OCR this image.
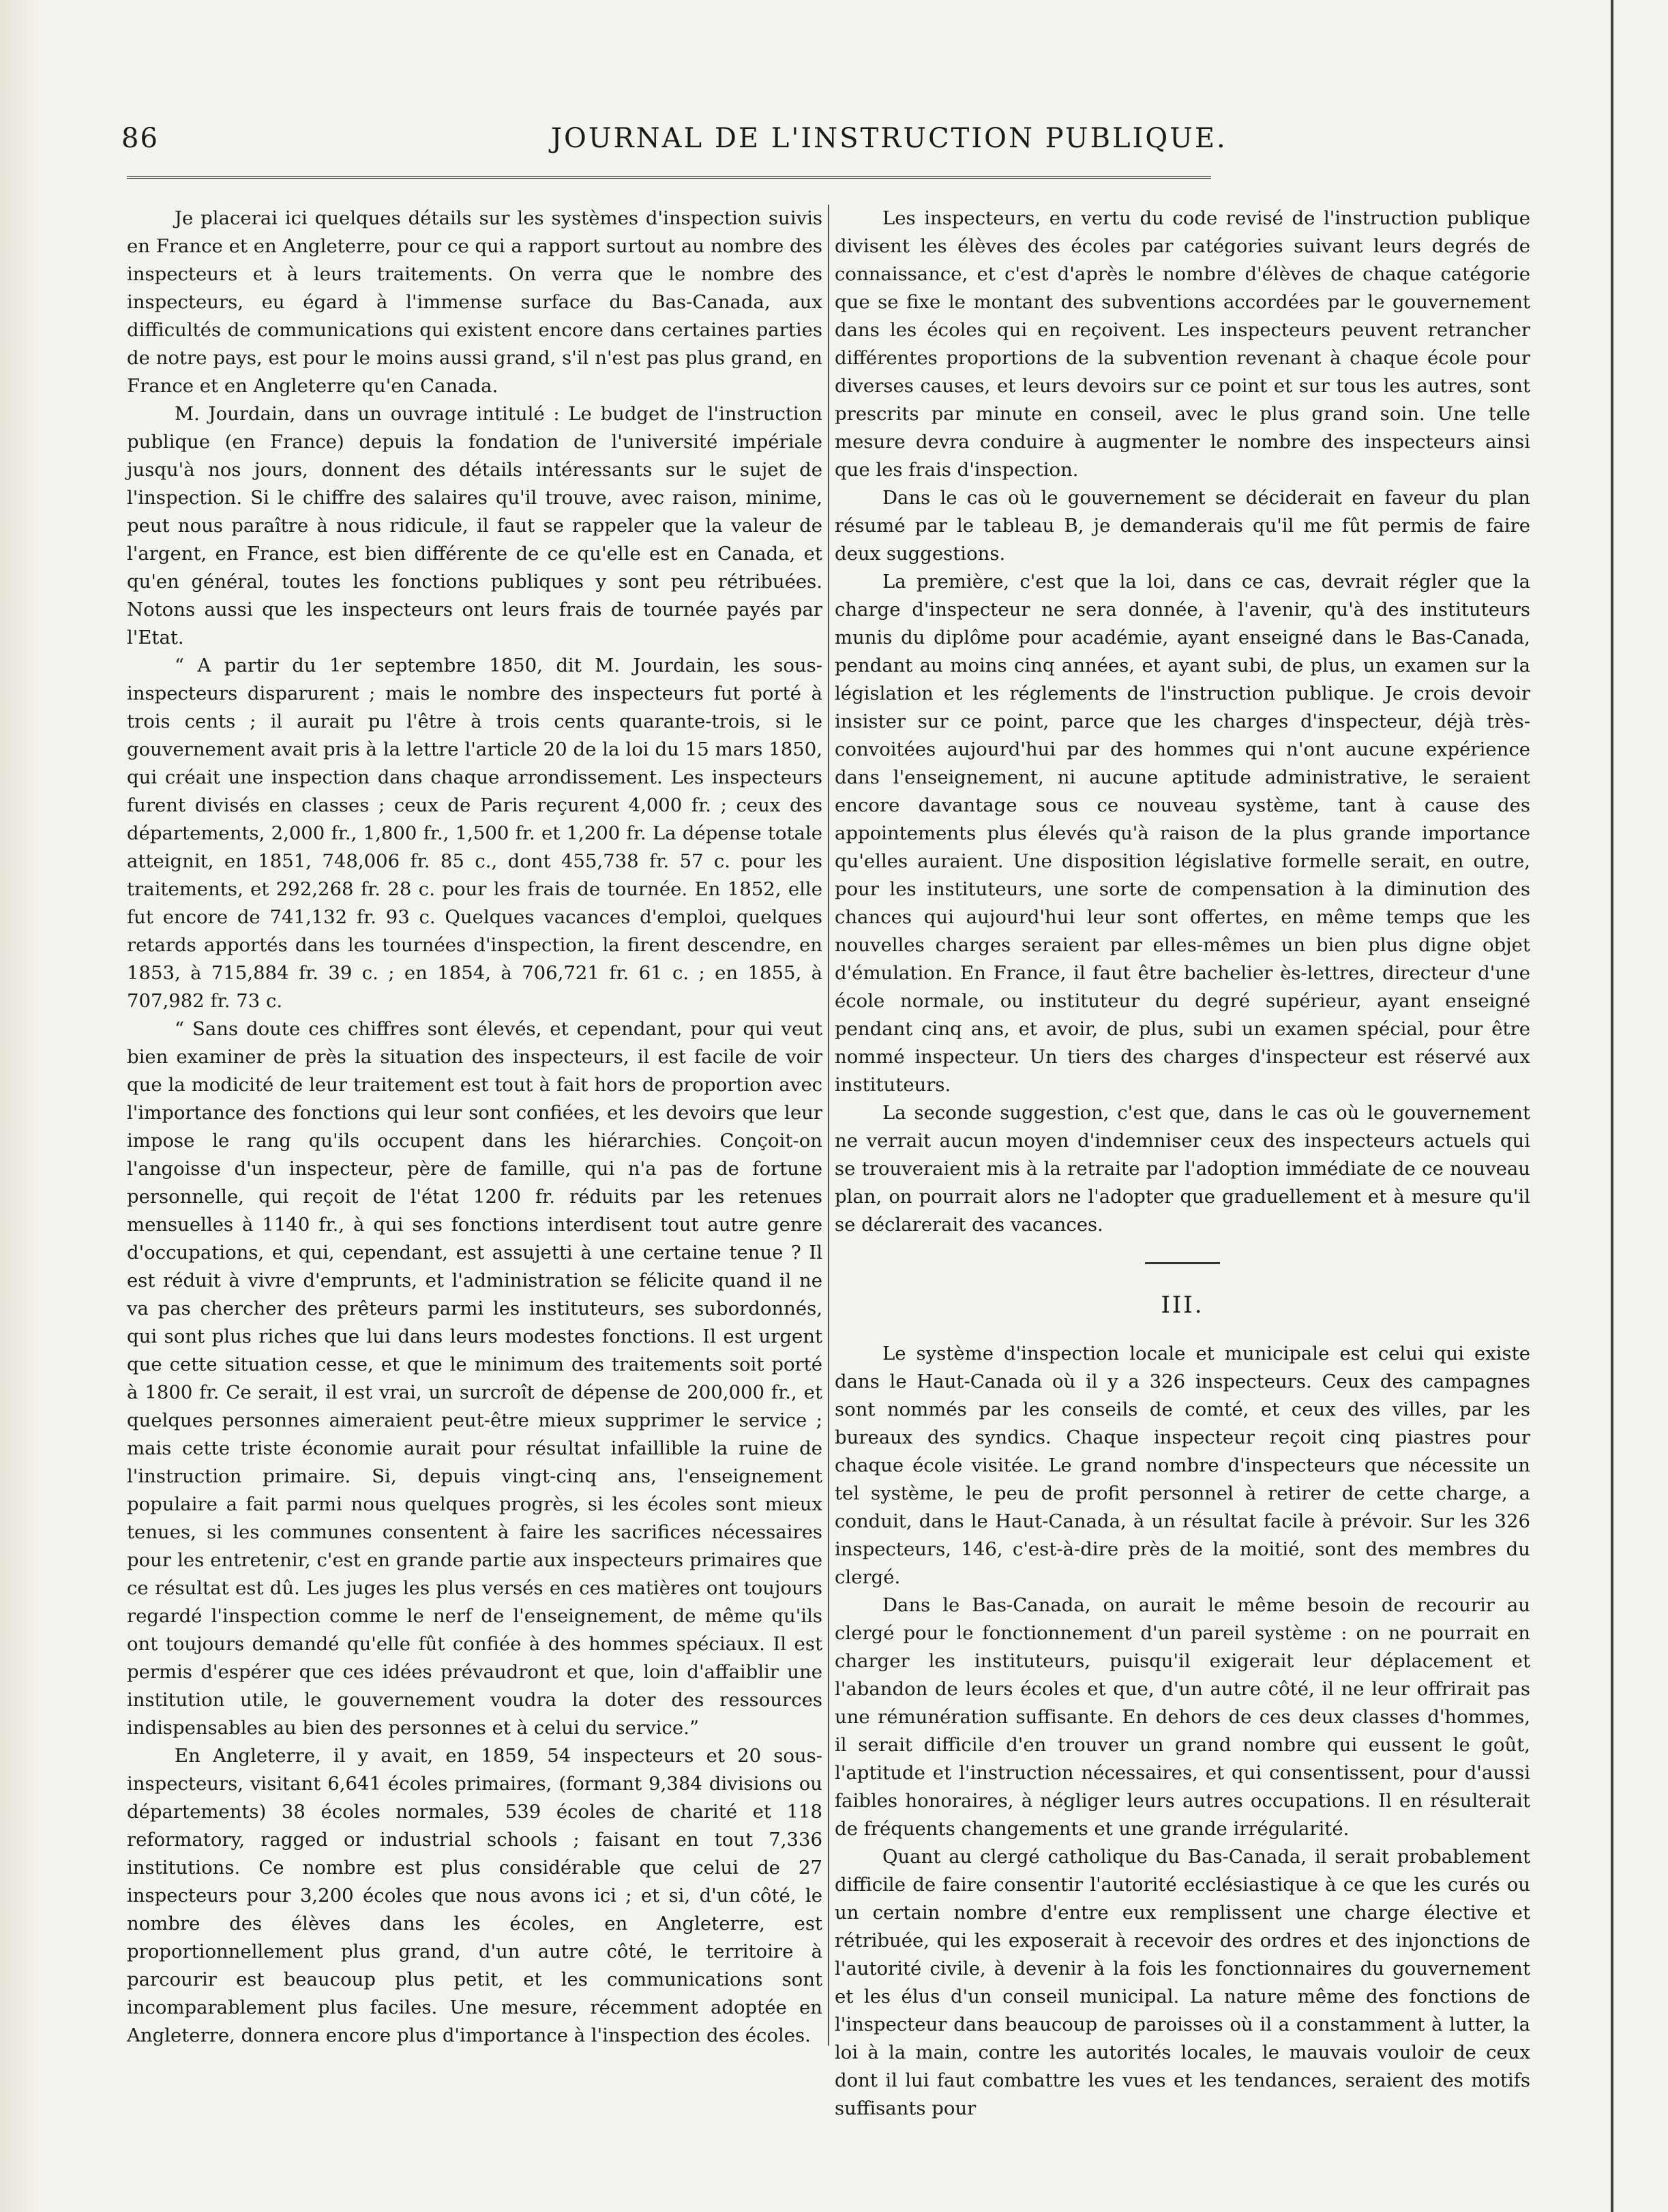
86	JOURNAL DE L'INSTRUCTION PUBLIQUE.

Je placerai ici quelques détails sur les systèmes d'inspection suivis en France et en Angleterre, pour ce qui a rapport surtout au nombre des inspecteurs et à leurs traitements. On verra que le nombre des inspecteurs, eu égard à l'immense surface du Bas-Canada, aux difficultés de communications qui existent encore dans certaines parties de notre pays, est pour le moins aussi grand, s'il n'est pas plus grand, en France et en Angleterre qu'en Canada.

M. Jourdain, dans un ouvrage intitulé : Le budget de l'instruction publique (en France) depuis la fondation de l'université impériale jusqu'à nos jours, donnent des détails intéressants sur le sujet de l'inspection. Si le chiffre des salaires qu'il trouve, avec raison, minime, peut nous paraître à nous ridicule, il faut se rappeler que la valeur de l'argent, en France, est bien différente de ce qu'elle est en Canada, et qu'en général, toutes les fonctions publiques y sont peu rétribuées. Notons aussi que les inspecteurs ont leurs frais de tournée payés par l'Etat.

“ A partir du 1er septembre 1850, dit M. Jourdain, les sous-inspecteurs disparurent ; mais le nombre des inspecteurs fut porté à trois cents ; il aurait pu l'être à trois cents quarante-trois, si le gouvernement avait pris à la lettre l'article 20 de la loi du 15 mars 1850, qui créait une inspection dans chaque arrondissement. Les inspecteurs furent divisés en classes ; ceux de Paris reçurent 4,000 fr. ; ceux des départements, 2,000 fr., 1,800 fr., 1,500 fr. et 1,200 fr. La dépense totale atteignit, en 1851, 748,006 fr. 85 c., dont 455,738 fr. 57 c. pour les traitements, et 292,268 fr. 28 c. pour les frais de tournée. En 1852, elle fut encore de 741,132 fr. 93 c. Quelques vacances d'emploi, quelques retards apportés dans les tournées d'inspection, la firent descendre, en 1853, à 715,884 fr. 39 c. ; en 1854, à 706,721 fr. 61 c. ; en 1855, à 707,982 fr. 73 c.

“ Sans doute ces chiffres sont élevés, et cependant, pour qui veut bien examiner de près la situation des inspecteurs, il est facile de voir que la modicité de leur traitement est tout à fait hors de proportion avec l'importance des fonctions qui leur sont confiées, et les devoirs que leur impose le rang qu'ils occupent dans les hiérarchies. Conçoit-on l'angoisse d'un inspecteur, père de famille, qui n'a pas de fortune personnelle, qui reçoit de l'état 1200 fr. réduits par les retenues mensuelles à 1140 fr., à qui ses fonctions interdisent tout autre genre d'occupations, et qui, cependant, est assujetti à une certaine tenue ? Il est réduit à vivre d'emprunts, et l'administration se félicite quand il ne va pas chercher des prêteurs parmi les instituteurs, ses subordonnés, qui sont plus riches que lui dans leurs modestes fonctions. Il est urgent que cette situation cesse, et que le minimum des traitements soit porté à 1800 fr. Ce serait, il est vrai, un surcroît de dépense de 200,000 fr., et quelques personnes aimeraient peut-être mieux supprimer le service ; mais cette triste économie aurait pour résultat infaillible la ruine de l'instruction primaire. Si, depuis vingt-cinq ans, l'enseignement populaire a fait parmi nous quelques progrès, si les écoles sont mieux tenues, si les communes consentent à faire les sacrifices nécessaires pour les entretenir, c'est en grande partie aux inspecteurs primaires que ce résultat est dû. Les juges les plus versés en ces matières ont toujours regardé l'inspection comme le nerf de l'enseignement, de même qu'ils ont toujours demandé qu'elle fût confiée à des hommes spéciaux. Il est permis d'espérer que ces idées prévaudront et que, loin d'affaiblir une institution utile, le gouvernement voudra la doter des ressources indispensables au bien des personnes et à celui du service.”

En Angleterre, il y avait, en 1859, 54 inspecteurs et 20 sous-inspecteurs, visitant 6,641 écoles primaires, (formant 9,384 divisions ou départements) 38 écoles normales, 539 écoles de charité et 118 reformatory, ragged or industrial schools ; faisant en tout 7,336 institutions. Ce nombre est plus considérable que celui de 27 inspecteurs pour 3,200 écoles que nous avons ici ; et si, d'un côté, le nombre des élèves dans les écoles, en Angleterre, est proportionnellement plus grand, d'un autre côté, le territoire à parcourir est beaucoup plus petit, et les communications sont incomparablement plus faciles. Une mesure, récemment adoptée en Angleterre, donnera encore plus d'importance à l'inspection des écoles.

Les inspecteurs, en vertu du code revisé de l'instruction publique divisent les élèves des écoles par catégories suivant leurs degrés de connaissance, et c'est d'après le nombre d'élèves de chaque catégorie que se fixe le montant des subventions accordées par le gouvernement dans les écoles qui en reçoivent. Les inspecteurs peuvent retrancher différentes proportions de la subvention revenant à chaque école pour diverses causes, et leurs devoirs sur ce point et sur tous les autres, sont prescrits par minute en conseil, avec le plus grand soin. Une telle mesure devra conduire à augmenter le nombre des inspecteurs ainsi que les frais d'inspection.

Dans le cas où le gouvernement se déciderait en faveur du plan résumé par le tableau B, je demanderais qu'il me fût permis de faire deux suggestions.

La première, c'est que la loi, dans ce cas, devrait régler que la charge d'inspecteur ne sera donnée, à l'avenir, qu'à des instituteurs munis du diplôme pour académie, ayant enseigné dans le Bas-Canada, pendant au moins cinq années, et ayant subi, de plus, un examen sur la législation et les réglements de l'instruction publique. Je crois devoir insister sur ce point, parce que les charges d'inspecteur, déjà très-convoitées aujourd'hui par des hommes qui n'ont aucune expérience dans l'enseignement, ni aucune aptitude administrative, le seraient encore davantage sous ce nouveau système, tant à cause des appointements plus élevés qu'à raison de la plus grande importance qu'elles auraient. Une disposition législative formelle serait, en outre, pour les instituteurs, une sorte de compensation à la diminution des chances qui aujourd'hui leur sont offertes, en même temps que les nouvelles charges seraient par elles-mêmes un bien plus digne objet d'émulation. En France, il faut être bachelier ès-lettres, directeur d'une école normale, ou instituteur du degré supérieur, ayant enseigné pendant cinq ans, et avoir, de plus, subi un examen spécial, pour être nommé inspecteur. Un tiers des charges d'inspecteur est réservé aux instituteurs.

La seconde suggestion, c'est que, dans le cas où le gouvernement ne verrait aucun moyen d'indemniser ceux des inspecteurs actuels qui se trouveraient mis à la retraite par l'adoption immédiate de ce nouveau plan, on pourrait alors ne l'adopter que graduellement et à mesure qu'il se déclarerait des vacances.

III.

Le système d'inspection locale et municipale est celui qui existe dans le Haut-Canada où il y a 326 inspecteurs. Ceux des campagnes sont nommés par les conseils de comté, et ceux des villes, par les bureaux des syndics. Chaque inspecteur reçoit cinq piastres pour chaque école visitée. Le grand nombre d'inspecteurs que nécessite un tel système, le peu de profit personnel à retirer de cette charge, a conduit, dans le Haut-Canada, à un résultat facile à prévoir. Sur les 326 inspecteurs, 146, c'est-à-dire près de la moitié, sont des membres du clergé.

Dans le Bas-Canada, on aurait le même besoin de recourir au clergé pour le fonctionnement d'un pareil système : on ne pourrait en charger les instituteurs, puisqu'il exigerait leur déplacement et l'abandon de leurs écoles et que, d'un autre côté, il ne leur offrirait pas une rémunération suffisante. En dehors de ces deux classes d'hommes, il serait difficile d'en trouver un grand nombre qui eussent le goût, l'aptitude et l'instruction nécessaires, et qui consentissent, pour d'aussi faibles honoraires, à négliger leurs autres occupations. Il en résulterait de fréquents changements et une grande irrégularité.

Quant au clergé catholique du Bas-Canada, il serait probablement difficile de faire consentir l'autorité ecclésiastique à ce que les curés ou un certain nombre d'entre eux remplissent une charge élective et rétribuée, qui les exposerait à recevoir des ordres et des injonctions de l'autorité civile, à devenir à la fois les fonctionnaires du gouvernement et les élus d'un conseil municipal. La nature même des fonctions de l'inspecteur dans beaucoup de paroisses où il a constamment à lutter, la loi à la main, contre les autorités locales, le mauvais vouloir de ceux dont il lui faut combattre les vues et les tendances, seraient des motifs suffisants pour
